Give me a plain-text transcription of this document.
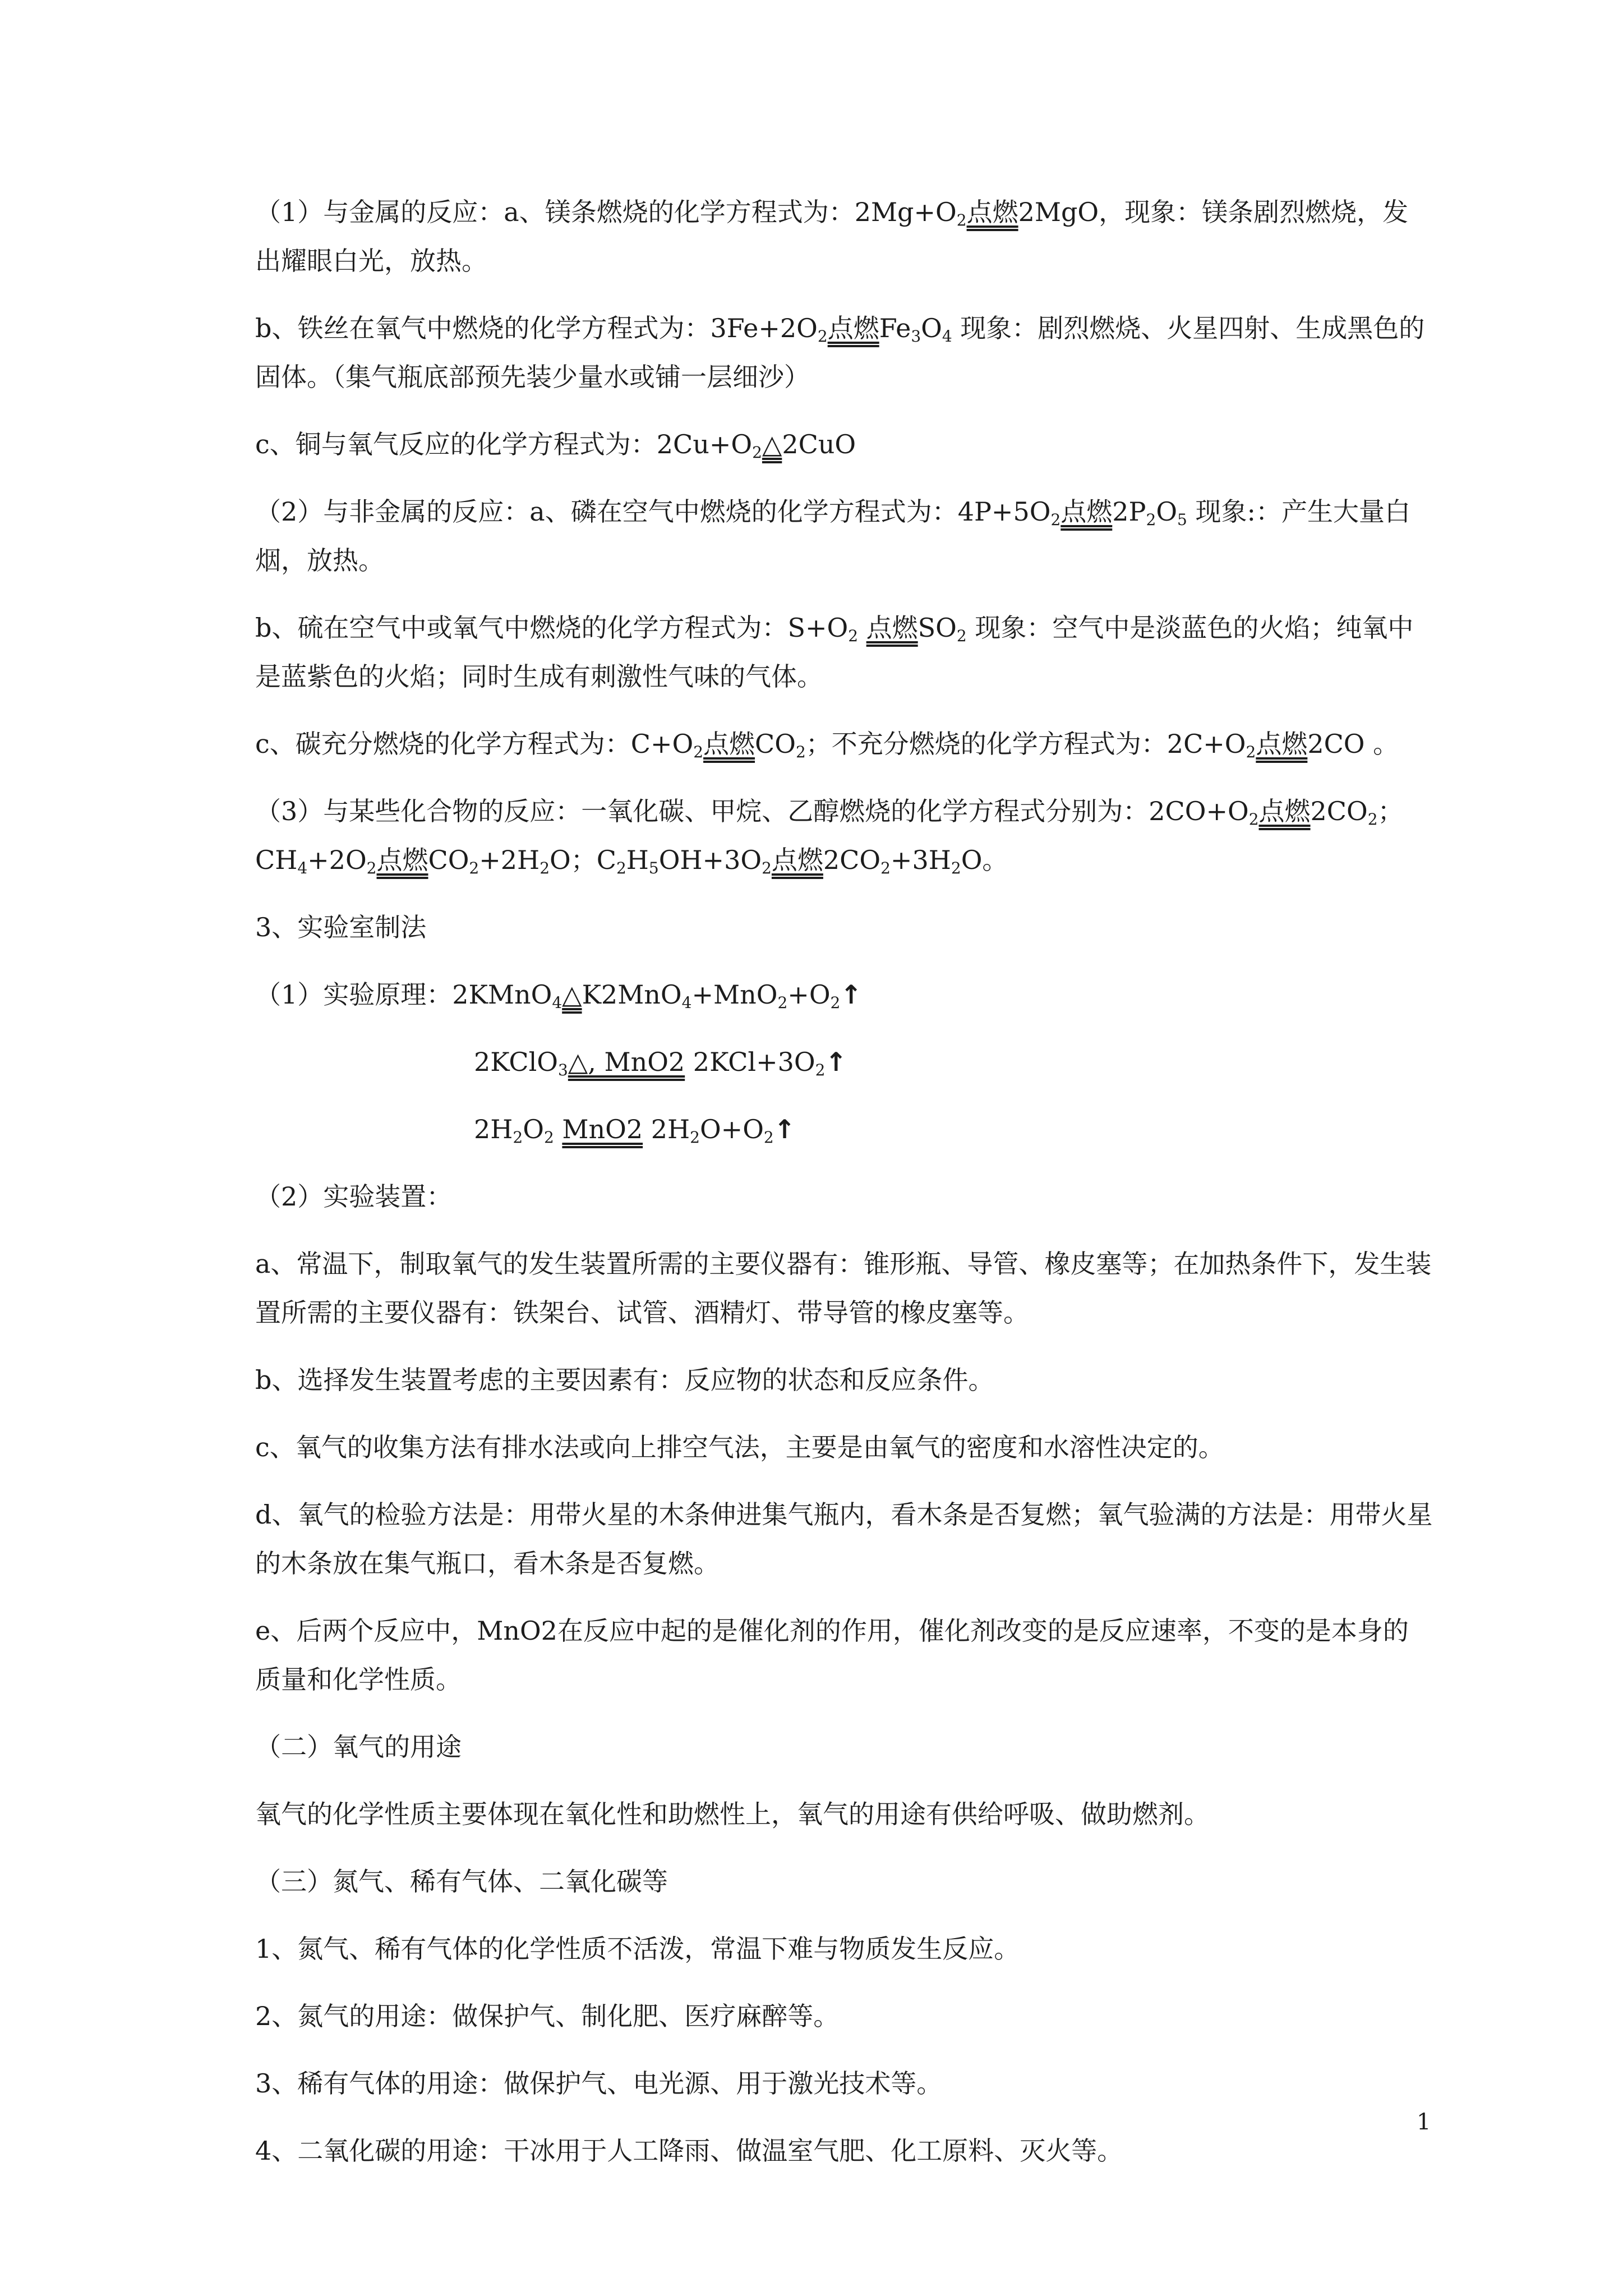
（1）与金属的反应：a、镁条燃烧的化学方程式为：$2Mg+O_2$点燃2MgO，现象：镁条剧烈燃烧，发出耀眼白光，放热。
b、铁丝在氧气中燃烧的化学方程式为：$3Fe+2O_2$点燃$Fe_3O_4$ 现象：剧烈燃烧、火星四射、生成黑色的固体。（集气瓶底部预先装少量水或铺一层细沙）
c、铜与氧气反应的化学方程式为：$2Cu+O_2\triangle 2CuO$
（2）与非金属的反应：a、磷在空气中燃烧的化学方程式为：$4P+5O_2$点燃$2P_2O_5$ 现象:：产生大量白烟，放热。
b、硫在空气中或氧气中燃烧的化学方程式为：$S+O_2$ 点燃$SO_2$ 现象：空气中是淡蓝色的火焰；纯氧中是蓝紫色的火焰；同时生成有刺激性气味的气体。
c、碳充分燃烧的化学方程式为：$C+O_2$点燃$CO_2$；不充分燃烧的化学方程式为：$2C+O_2$点燃2CO 。
（3）与某些化合物的反应：一氧化碳、甲烷、乙醇燃烧的化学方程式分别为：$2CO+O_2$点燃$2CO_2$；$CH_4+2O_2$点燃$CO_2+2H_2O$；$C_2H_5OH+3O_2$点燃$2CO_2+3H_2O$。
3、实验室制法
（1）实验原理：$2KMnO_4\triangle K2MnO_4+MnO_2+O_2↑$
2KClO$_3$△, MnO2 $2KCl+3O_2↑$
$2H_2O_2$ MnO2 $2H_2O+O_2↑$
（2）实验装置：
a、常温下，制取氧气的发生装置所需的主要仪器有：锥形瓶、导管、橡皮塞等；在加热条件下，发生装置所需的主要仪器有：铁架台、试管、酒精灯、带导管的橡皮塞等。
b、选择发生装置考虑的主要因素有：反应物的状态和反应条件。
c、氧气的收集方法有排水法或向上排空气法，主要是由氧气的密度和水溶性决定的。
d、氧气的检验方法是：用带火星的木条伸进集气瓶内，看木条是否复燃；氧气验满的方法是：用带火星的木条放在集气瓶口，看木条是否复燃。
e、后两个反应中，MnO2在反应中起的是催化剂的作用，催化剂改变的是反应速率，不变的是本身的质量和化学性质。
（二）氧气的用途
氧气的化学性质主要体现在氧化性和助燃性上，氧气的用途有供给呼吸、做助燃剂。
（三）氮气、稀有气体、二氧化碳等
1、氮气、稀有气体的化学性质不活泼，常温下难与物质发生反应。
2、氮气的用途：做保护气、制化肥、医疗麻醉等。
3、稀有气体的用途：做保护气、电光源、用于激光技术等。
4、二氧化碳的用途：干冰用于人工降雨、做温室气肥、化工原料、灭火等。
1
